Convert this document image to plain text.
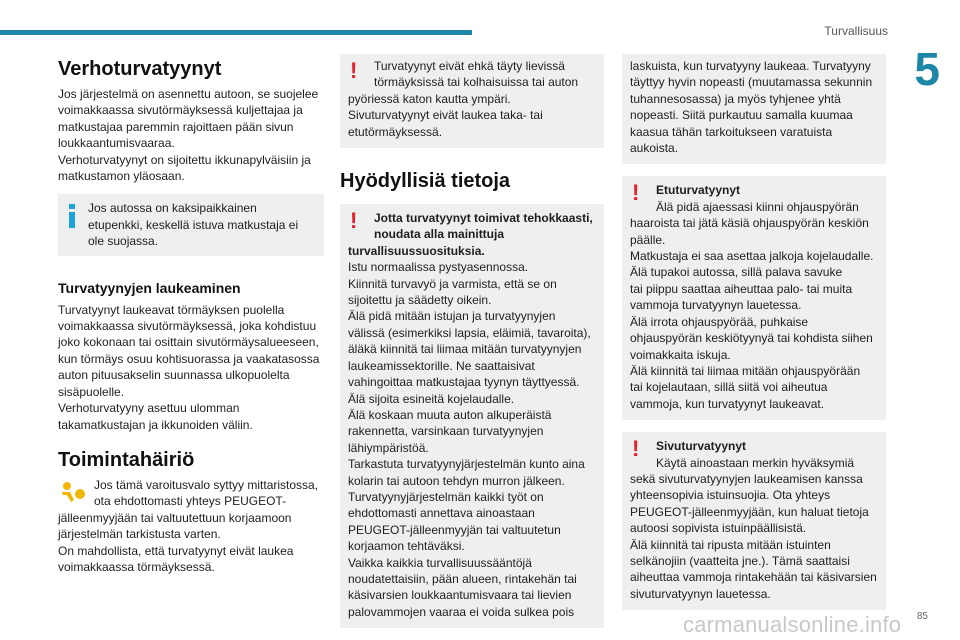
Turvallisuus
5
Verhoturvatyynyt

Jos järjestelmä on asennettu autoon, se suojelee
voimakkaassa sivutörmäyksessä kuljettajaa ja
matkustajaa paremmin rajoittaen pään sivun
loukkaantumisvaaraa.
Verhoturvatyynyt on sijoitettu ikkunapylväisiin ja
matkustamon yläosaan.

Jos autossa on kaksipaikkainen
etupenkki, keskellä istuva matkustaja ei
ole suojassa.

Turvatyynyjen laukeaminen

Turvatyynyt laukeavat törmäyksen puolella
voimakkaassa sivutörmäyksessä, joka kohdistuu
joko kokonaan tai osittain sivutörmäysalueeseen,
kun törmäys osuu kohtisuorassa ja vaakatasossa
auton pituusakselin suunnassa ulkopuolelta
sisäpuolelle.
Verhoturvatyyny asettuu ulomman
takamatkustajan ja ikkunoiden väliin.

Toimintahäiriö

Jos tämä varoitusvalo syttyy mittaristossa,
ota ehdottomasti yhteys PEUGEOT-

jälleenmyyjään tai valtuutettuun korjaamoon
järjestelmän tarkistusta varten.
On mahdollista, että turvatyynyt eivät laukea
voimakkaassa törmäyksessä.

!	Turvatyynyt eivät ehkä täyty lievissä
törmäyksissä tai kolhaisuissa tai auton

pyöriessä katon kautta ympäri.
Sivuturvatyynyt eivät laukea taka- tai
etutörmäyksessä.

Hyödyllisiä tietoja
!	Jotta turvatyynyt toimivat tehokkaasti,
noudata alla mainittuja

turvallisuussuosituksia.

Istu normaalissa pystyasennossa.
Kiinnitä turvavyö ja varmista, että se on
sijoitettu ja säädetty oikein.
Älä pidä mitään istujan ja turvatyynyjen
välissä (esimerkiksi lapsia, eläimiä, tavaroita),
äläkä kiinnitä tai liimaa mitään turvatyynyjen
laukeamissektorille. Ne saattaisivat
vahingoittaa matkustajaa tyynyn täyttyessä.
Älä sijoita esineitä kojelaudalle.
Älä koskaan muuta auton alkuperäistä
rakennetta, varsinkaan turvatyynyjen
lähiympäristöä.
Tarkastuta turvatyynyjärjestelmän kunto aina
kolarin tai autoon tehdyn murron jälkeen.
Turvatyynyjärjestelmän kaikki työt on
ehdottomasti annettava ainoastaan
PEUGEOT-jälleenmyyjän tai valtuutetun
korjaamon tehtäväksi.
Vaikka kaikkia turvallisuussääntöjä
noudatettaisiin, pään alueen, rintakehän tai
käsivarsien loukkaantumisvaara tai lievien
palovammojen vaaraa ei voida sulkea pois

laskuista, kun turvatyyny laukeaa. Turvatyyny
täyttyy hyvin nopeasti (muutamassa sekunnin
tuhannesosassa) ja myös tyhjenee yhtä
nopeasti. Siitä purkautuu samalla kuumaa
kaasua tähän tarkoitukseen varatuista
aukoista.

!	Etuturvatyynyt

Älä pidä ajaessasi kiinni ohjauspyörän

haaroista tai jätä käsiä ohjauspyörän keskiön
päälle.
Matkustaja ei saa asettaa jalkoja kojelaudalle.
Älä tupakoi autossa, sillä palava savuke
tai piippu saattaa aiheuttaa palo- tai muita
vammoja turvatyynyn lauetessa.
Älä irrota ohjauspyörää, puhkaise
ohjauspyörän keskiötyynyä tai kohdista siihen
voimakkaita iskuja.
Älä kiinnitä tai liimaa mitään ohjauspyörään
tai kojelautaan, sillä siitä voi aiheutua
vammoja, kun turvatyynyt laukeavat.

!	Sivuturvatyynyt

Käytä ainoastaan merkin hyväksymiä

sekä sivuturvatyynyjen laukeamisen kanssa
yhteensopivia istuinsuojia. Ota yhteys
PEUGEOT-jälleenmyyjään, kun haluat tietoja
autoosi sopivista istuinpäällisistä.
Älä kiinnitä tai ripusta mitään istuinten
selkänojiin (vaatteita jne.). Tämä saattaisi
aiheuttaa vammoja rintakehään tai käsivarsien
sivuturvatyynyn lauetessa.

carmanualsonline.info 85
